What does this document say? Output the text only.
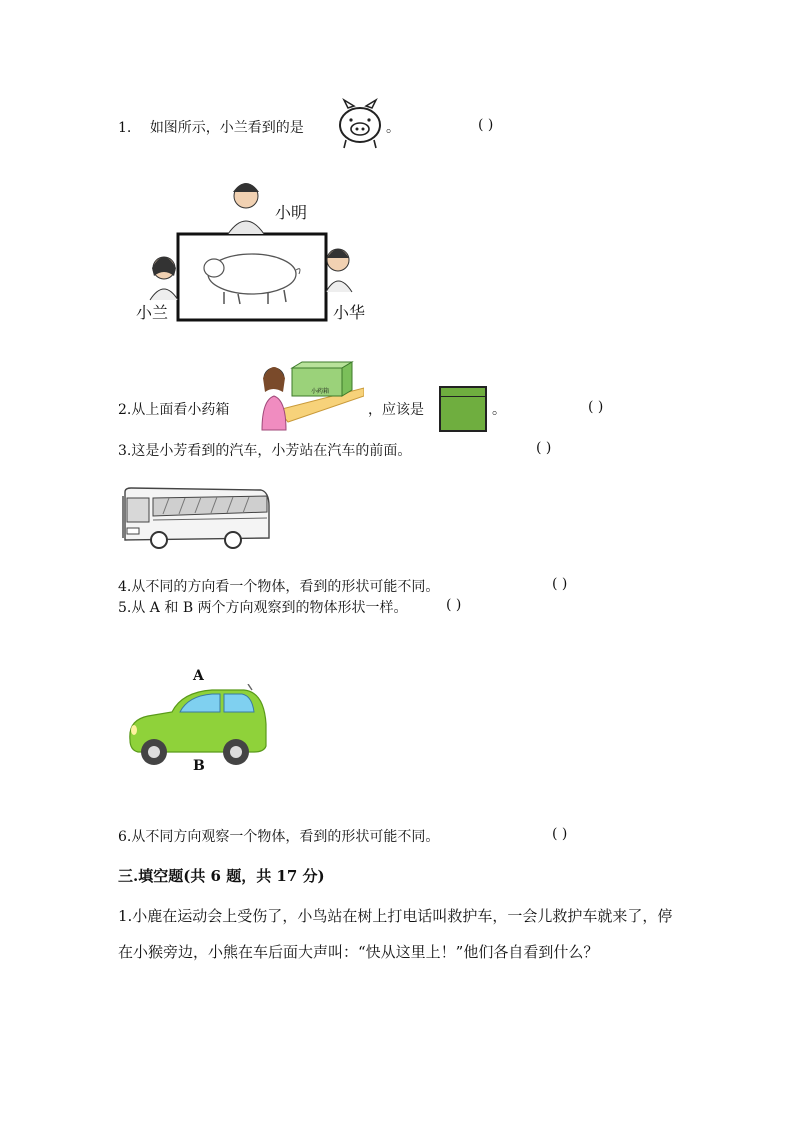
1. 如图所示，小兰看到的是	。	( )
小明
小兰	小华
2.从上面看小药箱
小药箱
，应该是	。	( )
3.这是小芳看到的汽车，小芳站在汽车的前面。	( )
4.从不同的方向看一个物体，看到的形状可能不同。	( )
5.从 A 和 B 两个方向观察到的物体形状一样。	( )
A
B
6.从不同方向观察一个物体，看到的形状可能不同。	( )
三.填空题(共 6 题，共 17 分)
1.小鹿在运动会上受伤了，小鸟站在树上打电话叫救护车，一会儿救护车就来了，停在小猴旁边，小熊在车后面大声叫：“快从这里上！”他们各自看到什么？
